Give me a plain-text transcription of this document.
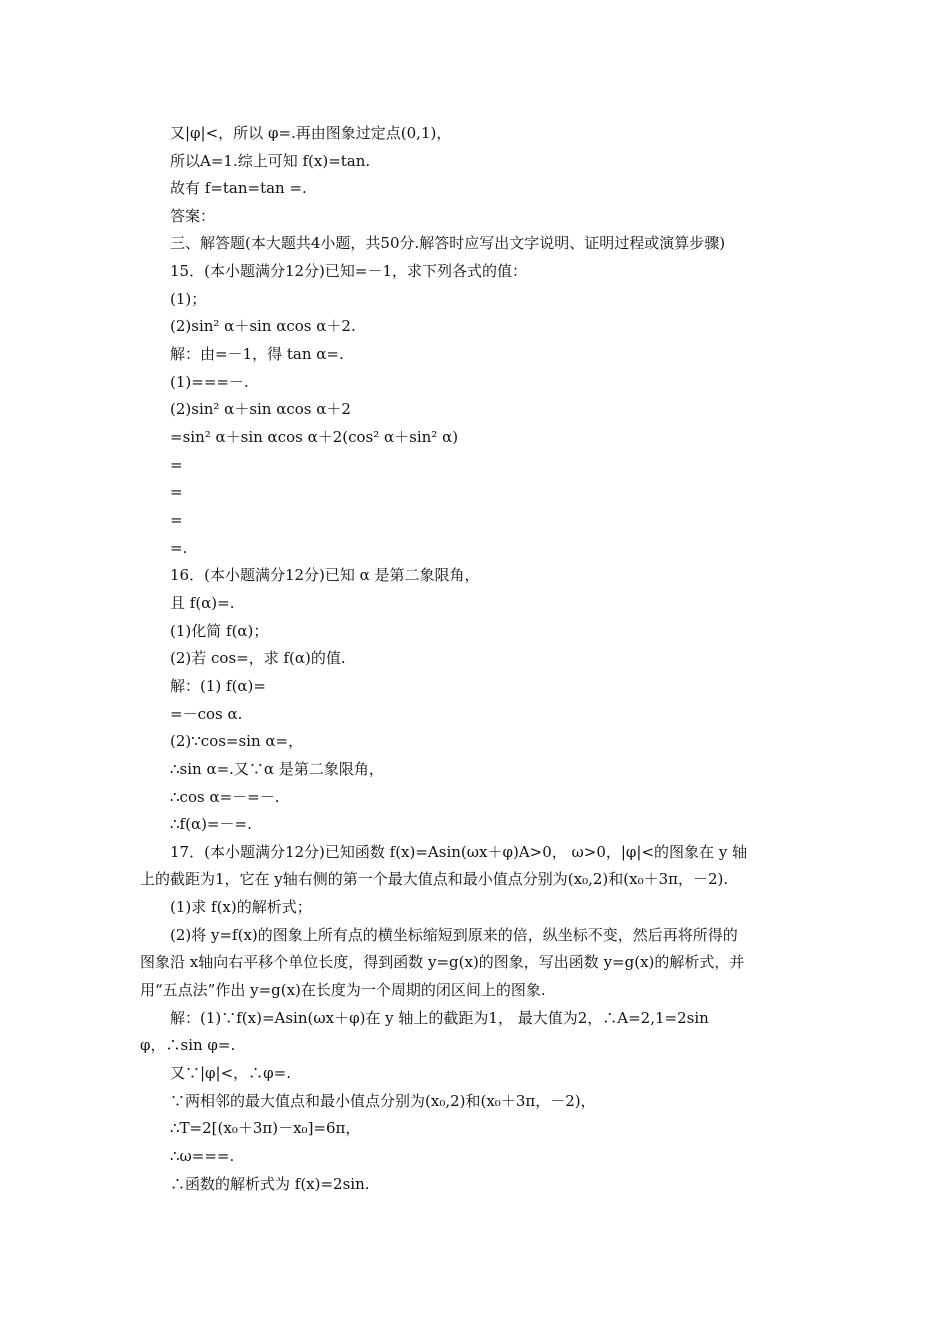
又|φ|<，所以 φ=.再由图象过定点(0,1)，
所以A=1.综上可知 f(x)=tan.
故有 f=tan=tan =.
答案：
三、解答题(本大题共4小题，共50分.解答时应写出文字说明、证明过程或演算步骤)
15．(本小题满分12分)已知=－1，求下列各式的值：
(1)；
(2)sin² α＋sin αcos α＋2.
解：由=－1，得 tan α=.
(1)===－.
(2)sin² α＋sin αcos α＋2
=sin² α＋sin αcos α＋2(cos² α＋sin² α)
=
=
=
=.
16．(本小题满分12分)已知 α 是第二象限角，
且 f(α)=.
(1)化简 f(α)；
(2)若 cos=，求 f(α)的值.
解：(1) f(α)=
=－cos α.
(2)∵cos=sin α=，
∴sin α=.又∵α 是第二象限角，
∴cos α=－=－.
∴f(α)=－=.
17．(本小题满分12分)已知函数 f(x)=Asin(ωx＋φ)A>0， ω>0，|φ|<的图象在 y 轴
上的截距为1，它在 y轴右侧的第一个最大值点和最小值点分别为(x₀,2)和(x₀＋3π，－2).
(1)求 f(x)的解析式；
(2)将 y=f(x)的图象上所有点的横坐标缩短到原来的倍，纵坐标不变，然后再将所得的
图象沿 x轴向右平移个单位长度，得到函数 y=g(x)的图象，写出函数 y=g(x)的解析式，并
用“五点法”作出 y=g(x)在长度为一个周期的闭区间上的图象.
解：(1)∵f(x)=Asin(ωx＋φ)在 y 轴上的截距为1， 最大值为2，∴A=2,1=2sin
φ，∴sin φ=.
又∵|φ|<，∴φ=.
∵两相邻的最大值点和最小值点分别为(x₀,2)和(x₀＋3π，－2)，
∴T=2[(x₀＋3π)－x₀]=6π，
∴ω===.
∴函数的解析式为 f(x)=2sin.
